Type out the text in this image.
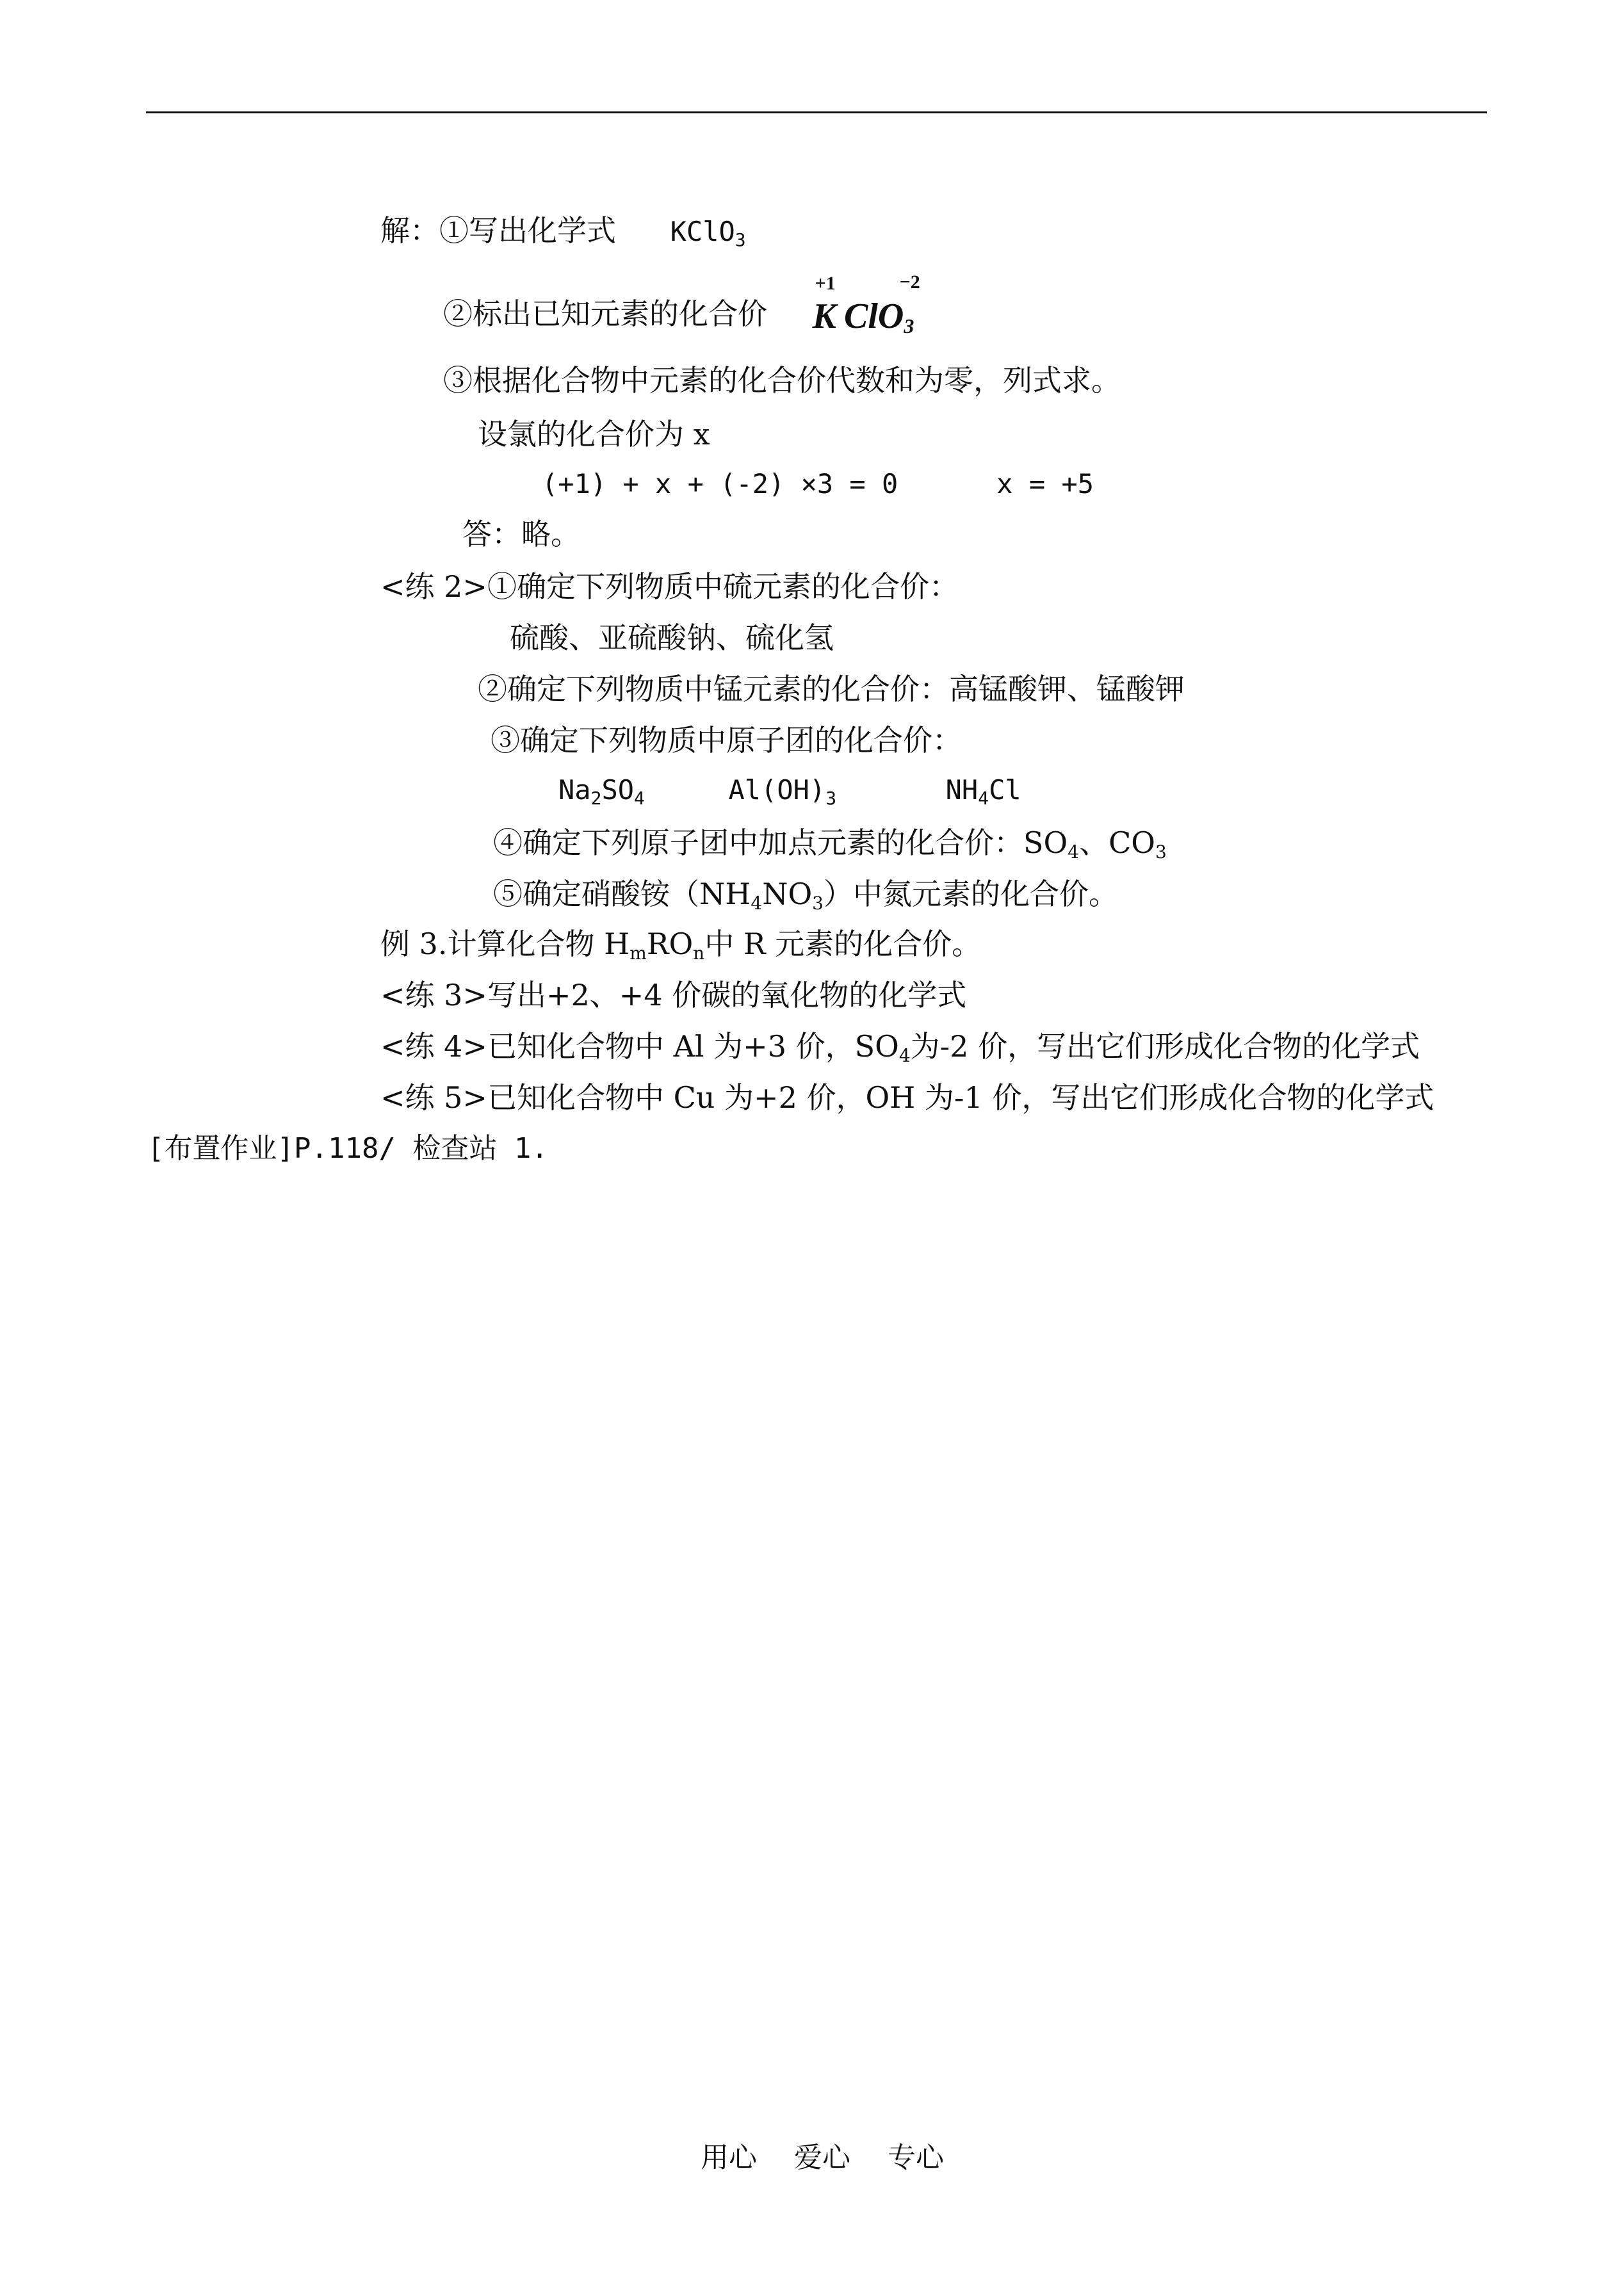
解：①写出化学式 KClO$_3$
②标出已知元素的化合价
+1	−2
K ClO$_3$
③根据化合物中元素的化合价代数和为零，列式求。
设氯的化合价为 x
(+1) + x + (-2) ×3 = 0	x = +5
答：略。
<练 2>①确定下列物质中硫元素的化合价：
硫酸、亚硫酸钠、硫化氢
②确定下列物质中锰元素的化合价：高锰酸钾、锰酸钾
③确定下列物质中原子团的化合价：
$Na_2SO_4$	$Al(OH)_3$	$NH_4Cl$
④确定下列原子团中加点元素的化合价：$SO_4$、$CO_3$
⑤确定硝酸铵$(NH_4NO_3)$中氮元素的化合价。
例 3.计算化合物 $H_mRO_n$中 R 元素的化合价。
<练 3>写出+2、+4 价碳的氧化物的化学式
<练 4>已知化合物中 Al 为+3 价，$SO_4$为-2 价，写出它们形成化合物的化学式
<练 5>已知化合物中 Cu 为+2 价，OH 为-1 价，写出它们形成化合物的化学式
[布置作业]P.118/ 检查站 1.
用心 爱心 专心
